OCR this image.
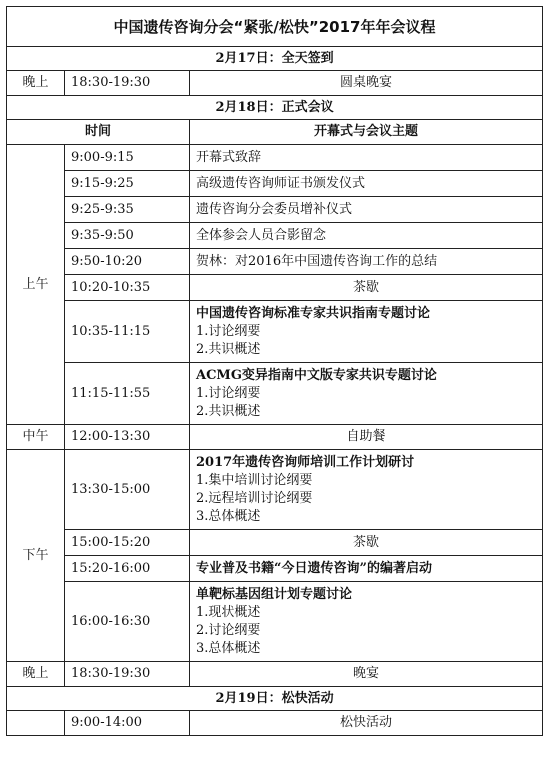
中国遗传咨询分会“紧张/松快”2017年年会议程		
2月17日：全天签到		
晚上	18:30-19:30	圆桌晚宴
2月18日：正式会议		
时间		开幕式与会议主题
上午	9:00-9:15	开幕式致辞
	9:15-9:25	高级遗传咨询师证书颁发仪式
	9:25-9:35	遗传咨询分会委员增补仪式
	9:35-9:50	全体参会人员合影留念
	9:50-10:20	贺林：对2016年中国遗传咨询工作的总结
	10:20-10:35	茶歇
	10:35-11:15	中国遗传咨询标准专家共识指南专题讨论
1.讨论纲要
2.共识概述

	11:15-11:55	ACMG变异指南中文版专家共识专题讨论
1.讨论纲要
2.共识概述

中午	12:00-13:30	自助餐
下午	13:30-15:00	2017年遗传咨询师培训工作计划研讨
1.集中培训讨论纲要
2.远程培训讨论纲要
3.总体概述

	15:00-15:20	茶歇
	15:20-16:00	专业普及书籍“今日遗传咨询”的编著启动
	16:00-16:30	单靶标基因组计划专题讨论
1.现状概述
2.讨论纲要
3.总体概述

晚上	18:30-19:30	晚宴
2月19日：松快活动		
	9:00-14:00	松快活动
